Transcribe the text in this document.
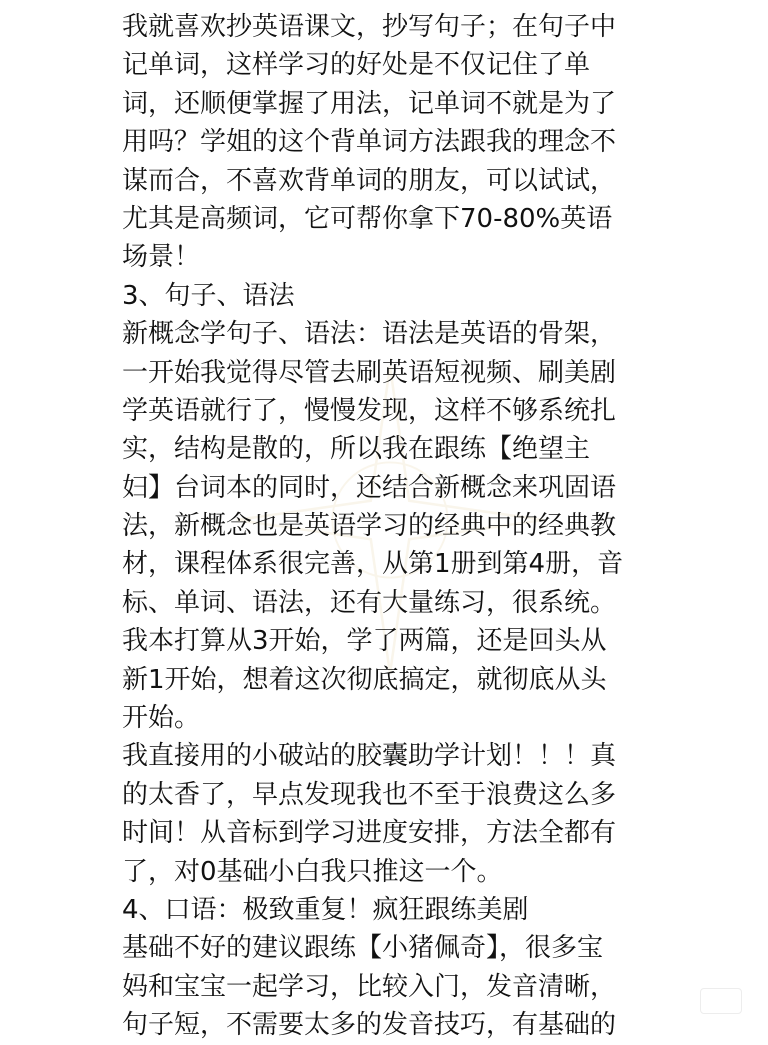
我就喜欢抄英语课文，抄写句子；在句子中
记单词，这样学习的好处是不仅记住了单
词，还顺便掌握了用法，记单词不就是为了
用吗？学姐的这个背单词方法跟我的理念不
谋而合，不喜欢背单词的朋友，可以试试，
尤其是高频词，它可帮你拿下70-80%英语
场景！
3、句子、语法
新概念学句子、语法：语法是英语的骨架，
一开始我觉得尽管去刷英语短视频、刷美剧
学英语就行了，慢慢发现，这样不够系统扎
实，结构是散的，所以我在跟练【绝望主
妇】台词本的同时，还结合新概念来巩固语
法，新概念也是英语学习的经典中的经典教
材，课程体系很完善，从第1册到第4册，音
标、单词、语法，还有大量练习，很系统。
我本打算从3开始，学了两篇，还是回头从
新1开始，想着这次彻底搞定，就彻底从头
开始。
我直接用的小破站的胶囊助学计划！！！真
的太香了，早点发现我也不至于浪费这么多
时间！从音标到学习进度安排，方法全都有
了，对0基础小白我只推这一个。
4、口语：极致重复！疯狂跟练美剧
基础不好的建议跟练【小猪佩奇】，很多宝
妈和宝宝一起学习，比较入门，发音清晰，
句子短，不需要太多的发音技巧，有基础的
